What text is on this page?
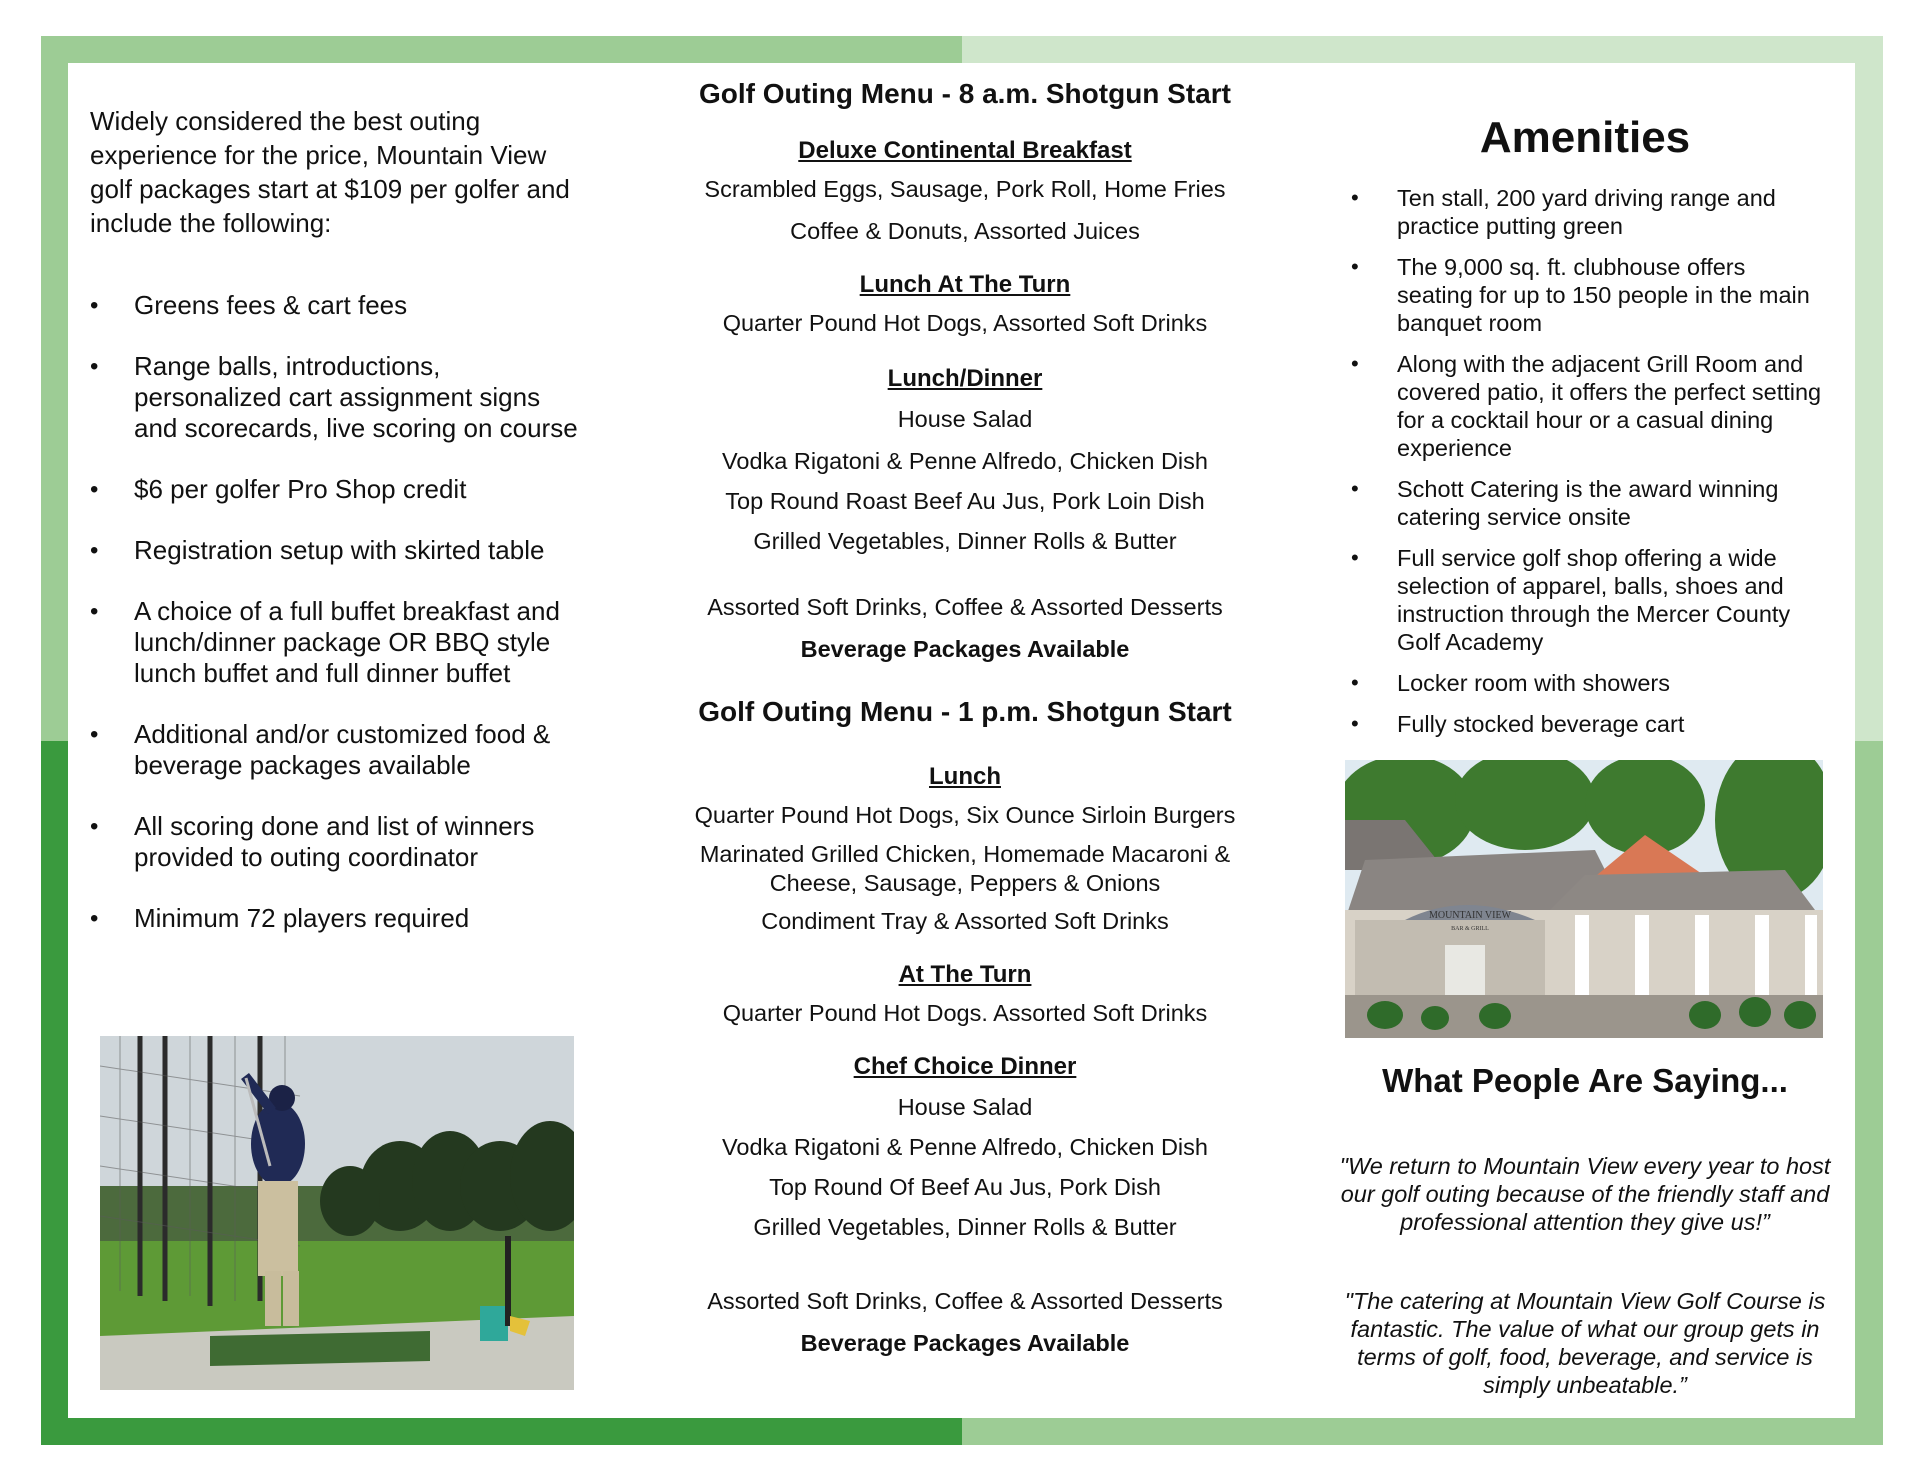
Widely considered the best outing experience for the price, Mountain View golf packages start at $109 per golfer and include the following:

• Greens fees & cart fees
• Range balls, introductions, personalized cart assignment signs and scorecards, live scoring on course
• $6 per golfer Pro Shop credit
• Registration setup with skirted table
• A choice of a full buffet breakfast and lunch/dinner package OR BBQ style lunch buffet and full dinner buffet
• Additional and/or customized food & beverage packages available
• All scoring done and list of winners provided to outing coordinator
• Minimum 72 players required
Golf Outing Menu - 8 a.m. Shotgun Start

Deluxe Continental Breakfast

Scrambled Eggs, Sausage, Pork Roll, Home Fries

Coffee & Donuts, Assorted Juices

Lunch At The Turn

Quarter Pound Hot Dogs, Assorted Soft Drinks

Lunch/Dinner

House Salad

Vodka Rigatoni & Penne Alfredo, Chicken Dish

Top Round Roast Beef Au Jus, Pork Loin Dish

Grilled Vegetables, Dinner Rolls & Butter

Assorted Soft Drinks, Coffee & Assorted Desserts

Beverage Packages Available

Golf Outing Menu - 1 p.m. Shotgun Start

Lunch

Quarter Pound Hot Dogs, Six Ounce Sirloin Burgers

Marinated Grilled Chicken, Homemade Macaroni & Cheese, Sausage, Peppers & Onions

Condiment Tray & Assorted Soft Drinks

At The Turn

Quarter Pound Hot Dogs. Assorted Soft Drinks

Chef Choice Dinner

House Salad

Vodka Rigatoni & Penne Alfredo, Chicken Dish

Top Round Of Beef Au Jus, Pork Dish

Grilled Vegetables, Dinner Rolls & Butter

Assorted Soft Drinks, Coffee & Assorted Desserts

Beverage Packages Available

Amenities
• Ten stall, 200 yard driving range and practice putting green
• The 9,000 sq. ft. clubhouse offers seating for up to 150 people in the main banquet room
• Along with the adjacent Grill Room and covered patio, it offers the perfect setting for a cocktail hour or a casual dining experience
• Schott Catering is the award winning catering service onsite
• Full service golf shop offering a wide selection of apparel, balls, shoes and instruction through the Mercer County Golf Academy
• Locker room with showers
• Fully stocked beverage cart
MOUNTAIN VIEW
BAR & GRILL
What People Are Saying...

"We return to Mountain View every year to host our golf outing because of the friendly staff and professional attention they give us!”

"The catering at Mountain View Golf Course is fantastic. The value of what our group gets in terms of golf, food, beverage, and service is simply unbeatable.”
